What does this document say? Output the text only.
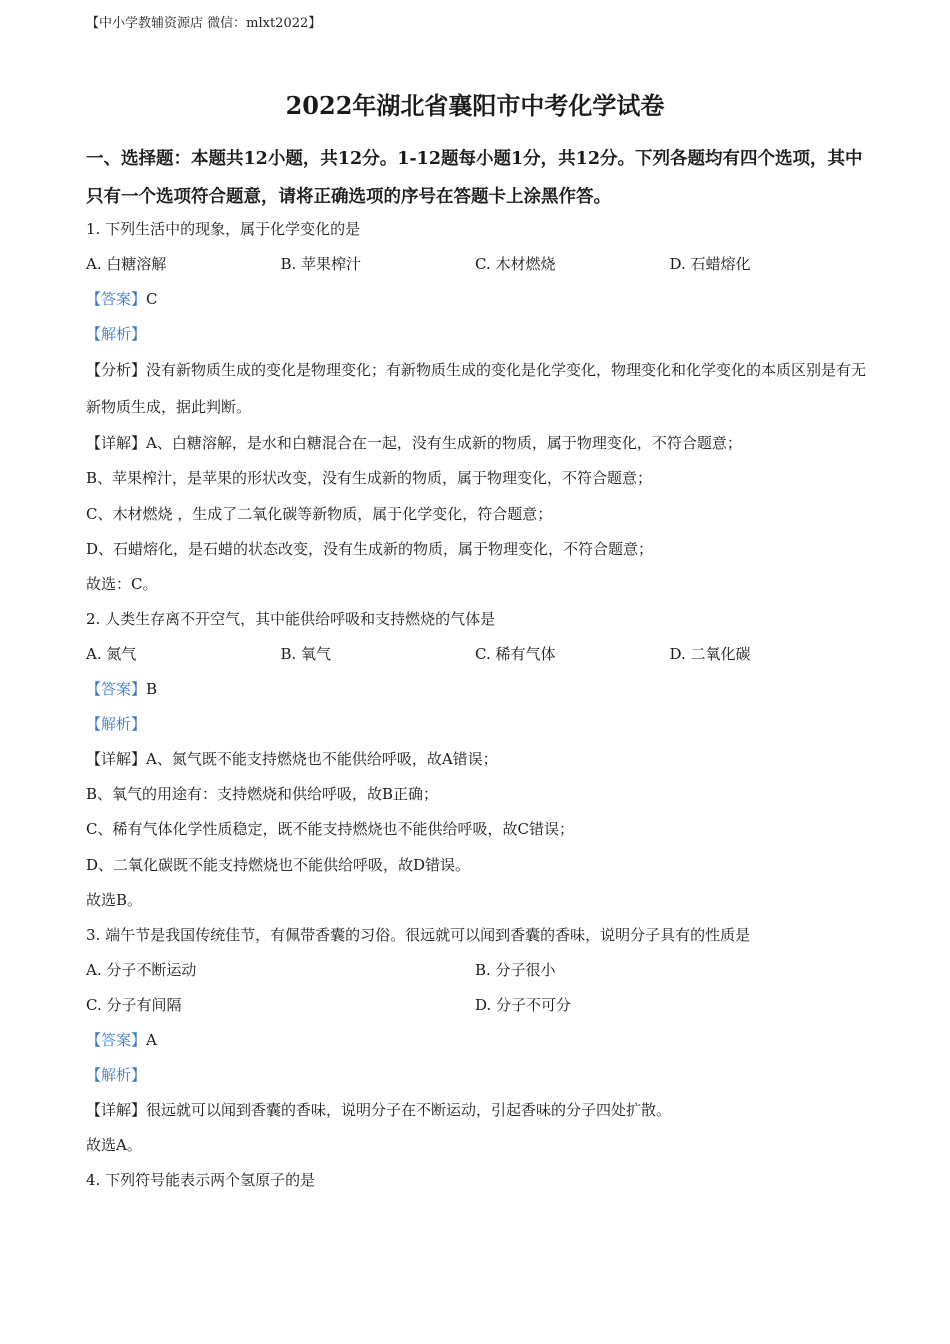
【中小学教辅资源店 微信：mlxt2022】
2022年湖北省襄阳市中考化学试卷
一、选择题：本题共12小题，共12分。1-12题每小题1分，共12分。下列各题均有四个选项，其中只有一个选项符合题意，请将正确选项的序号在答题卡上涂黑作答。
1. 下列生活中的现象，属于化学变化的是
A. 白糖溶解	B. 苹果榨汁	C. 木材燃烧	D. 石蜡熔化
【答案】C
【解析】
【分析】没有新物质生成的变化是物理变化；有新物质生成的变化是化学变化，物理变化和化学变化的本质区别是有无新物质生成，据此判断。
【详解】A、白糖溶解，是水和白糖混合在一起，没有生成新的物质，属于物理变化，不符合题意；
B、苹果榨汁，是苹果的形状改变，没有生成新的物质，属于物理变化，不符合题意；
C、木材燃烧 ，生成了二氧化碳等新物质，属于化学变化，符合题意；
D、石蜡熔化，是石蜡的状态改变，没有生成新的物质，属于物理变化，不符合题意；
故选：C。
2. 人类生存离不开空气，其中能供给呼吸和支持燃烧的气体是
A. 氮气	B. 氧气	C. 稀有气体	D. 二氧化碳
【答案】B
【解析】
【详解】A、氮气既不能支持燃烧也不能供给呼吸，故A错误；
B、氧气的用途有：支持燃烧和供给呼吸，故B正确；
C、稀有气体化学性质稳定，既不能支持燃烧也不能供给呼吸，故C错误；
D、二氧化碳既不能支持燃烧也不能供给呼吸，故D错误。
故选B。
3. 端午节是我国传统佳节，有佩带香囊的习俗。很远就可以闻到香囊的香味，说明分子具有的性质是
A. 分子不断运动	B. 分子很小
C. 分子有间隔	D. 分子不可分
【答案】A
【解析】
【详解】很远就可以闻到香囊的香味，说明分子在不断运动，引起香味的分子四处扩散。
故选A。
4. 下列符号能表示两个氢原子的是
